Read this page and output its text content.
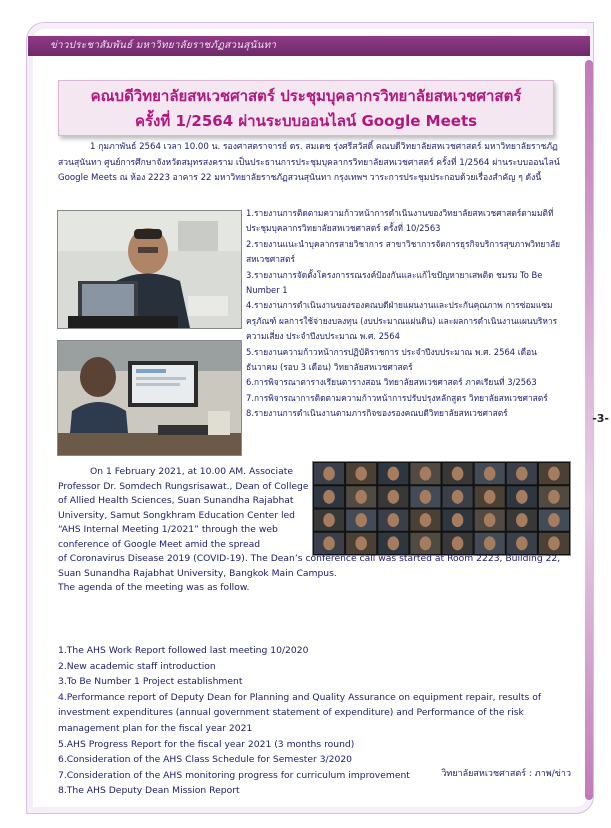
ข่าวประชาสัมพันธ์ มหาวิทยาลัยราชภัฏสวนสุนันทา
-3-
คณบดีวิทยาลัยสหเวชศาสตร์ ประชุมบุคลากรวิทยาลัยสหเวชศาสตร์
ครั้งที่ 1/2564 ผ่านระบบออนไลน์ Google Meets
1 กุมภาพันธ์ 2564 เวลา 10.00 น. รองศาสตราจารย์ ดร. สมเดช รุ่งศรีสวัสดิ์ คณบดีวิทยาลัยสหเวชศาสตร์ มหาวิทยาลัยราชภัฏสวนสุนันทา ศูนย์การศึกษาจังหวัดสมุทรสงคราม เป็นประธานการประชุมบุคลากรวิทยาลัยสหเวชศาสตร์ ครั้งที่ 1/2564 ผ่านระบบออนไลน์ Google Meets ณ ห้อง 2223 อาคาร 22 มหาวิทยาลัยราชภัฏสวนสุนันทา กรุงเทพฯ วาระการประชุมประกอบด้วยเรื่องสำคัญ ๆ ดังนี้
1.รายงานการติดตามความก้าวหน้าการดำเนินงานของวิทยาลัยสหเวชศาสตร์ตามมติที่ประชุมบุคลากรวิทยาลัยสหเวชศาสตร์ ครั้งที่ 10/2563
2.รายงานแนะนำบุคลากรสายวิชาการ สาขาวิชาการจัดการธุรกิจบริการสุขภาพวิทยาลัยสหเวชศาสตร์
3.รายงานการจัดตั้งโครงการรณรงค์ป้องกันและแก้ไขปัญหายาเสพติด ชมรม To Be Number 1
4.รายงานการดำเนินงานของรองคณบดีฝ่ายแผนงานและประกันคุณภาพ การซ่อมแซมครุภัณฑ์ ผลการใช้จ่ายงบลงทุน (งบประมาณแผ่นดิน) และผลการดำเนินงานแผนบริหารความเสี่ยง ประจำปีงบประมาณ พ.ศ. 2564
5.รายงานความก้าวหน้าการปฏิบัติราชการ ประจำปีงบประมาณ พ.ศ. 2564 เดือน ธันวาคม (รอบ 3 เดือน) วิทยาลัยสหเวชศาสตร์
6.การพิจารณาตารางเรียนตารางสอน วิทยาลัยสหเวชศาสตร์ ภาคเรียนที่ 3/2563
7.การพิจารณาการติดตามความก้าวหน้าการปรับปรุงหลักสูตร วิทยาลัยสหเวชศาสตร์
8.รายงานการดำเนินงานตามภารกิจของรองคณบดีวิทยาลัยสหเวชศาสตร์
On 1 February 2021, at 10.00 AM. Associate
Professor Dr. Somdech Rungsrisawat., Dean of College
of Allied Health Sciences, Suan Sunandha Rajabhat
University, Samut Songkhram Education Center led
“AHS Internal Meeting 1/2021” through the web
conference of Google Meet amid the spread
of Coronavirus Disease 2019 (COVID-19). The Dean’s conference call was started at Room 2223, Building 22,
Suan Sunandha Rajabhat University, Bangkok Main Campus.
The agenda of the meeting was as follow.
1.The AHS Work Report followed last meeting 10/2020
2.New academic staff introduction
3.To Be Number 1 Project establishment
4.Performance report of Deputy Dean for Planning and Quality Assurance on equipment repair, results of investment expenditures (annual government statement of expenditure) and Performance of the risk management plan for the fiscal year 2021
5.AHS Progress Report for the fiscal year 2021 (3 months round)
6.Consideration of the AHS Class Schedule for Semester 3/2020
7.Consideration of the AHS monitoring progress for curriculum improvement
8.The AHS Deputy Dean Mission Report
วิทยาลัยสหเวชศาสตร์ : ภาพ/ข่าว
